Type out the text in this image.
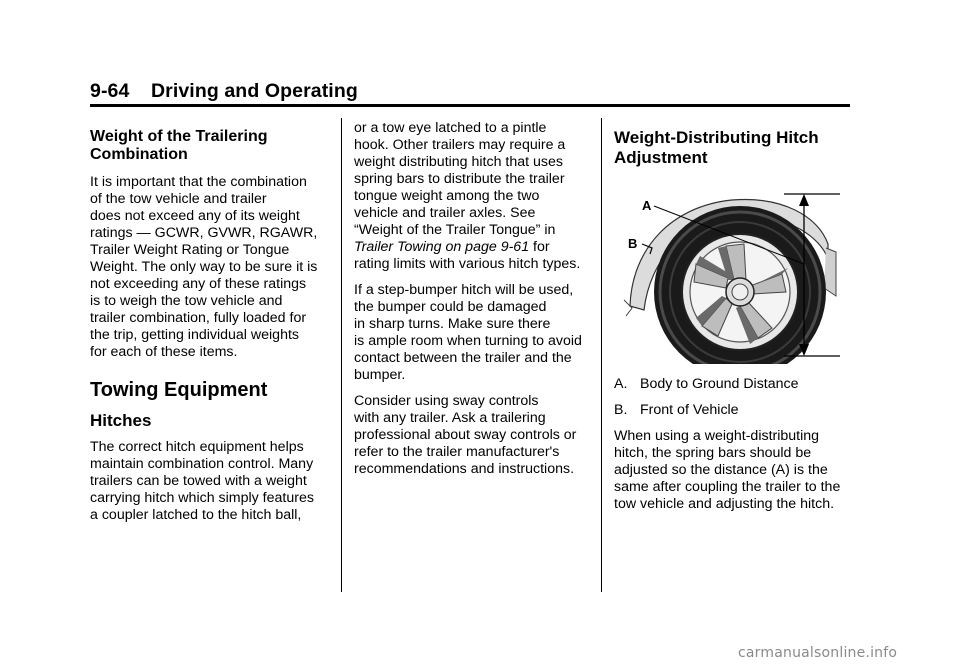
9-64 Driving and Operating
Weight of the Trailering
Combination

It is important that the combination
of the tow vehicle and trailer
does not exceed any of its weight
ratings — GCWR, GVWR, RGAWR,
Trailer Weight Rating or Tongue
Weight. The only way to be sure it is
not exceeding any of these ratings
is to weigh the tow vehicle and
trailer combination, fully loaded for
the trip, getting individual weights
for each of these items.

Towing Equipment
Hitches

The correct hitch equipment helps
maintain combination control. Many
trailers can be towed with a weight
carrying hitch which simply features
a coupler latched to the hitch ball,

or a tow eye latched to a pintle
hook. Other trailers may require a
weight distributing hitch that uses
spring bars to distribute the trailer
tongue weight among the two
vehicle and trailer axles. See
“Weight of the Trailer Tongue” in
Trailer Towing on page 9-61 for
rating limits with various hitch types.

If a step-bumper hitch will be used,
the bumper could be damaged
in sharp turns. Make sure there
is ample room when turning to avoid
contact between the trailer and the
bumper.

Consider using sway controls
with any trailer. Ask a trailering
professional about sway controls or
refer to the trailer manufacturer's
recommendations and instructions.

Weight-Distributing Hitch
Adjustment
A
B
A. Body to Ground Distance
B. Front of Vehicle

When using a weight-distributing
hitch, the spring bars should be
adjusted so the distance (A) is the
same after coupling the trailer to the
tow vehicle and adjusting the hitch.

carmanualsonline.info
